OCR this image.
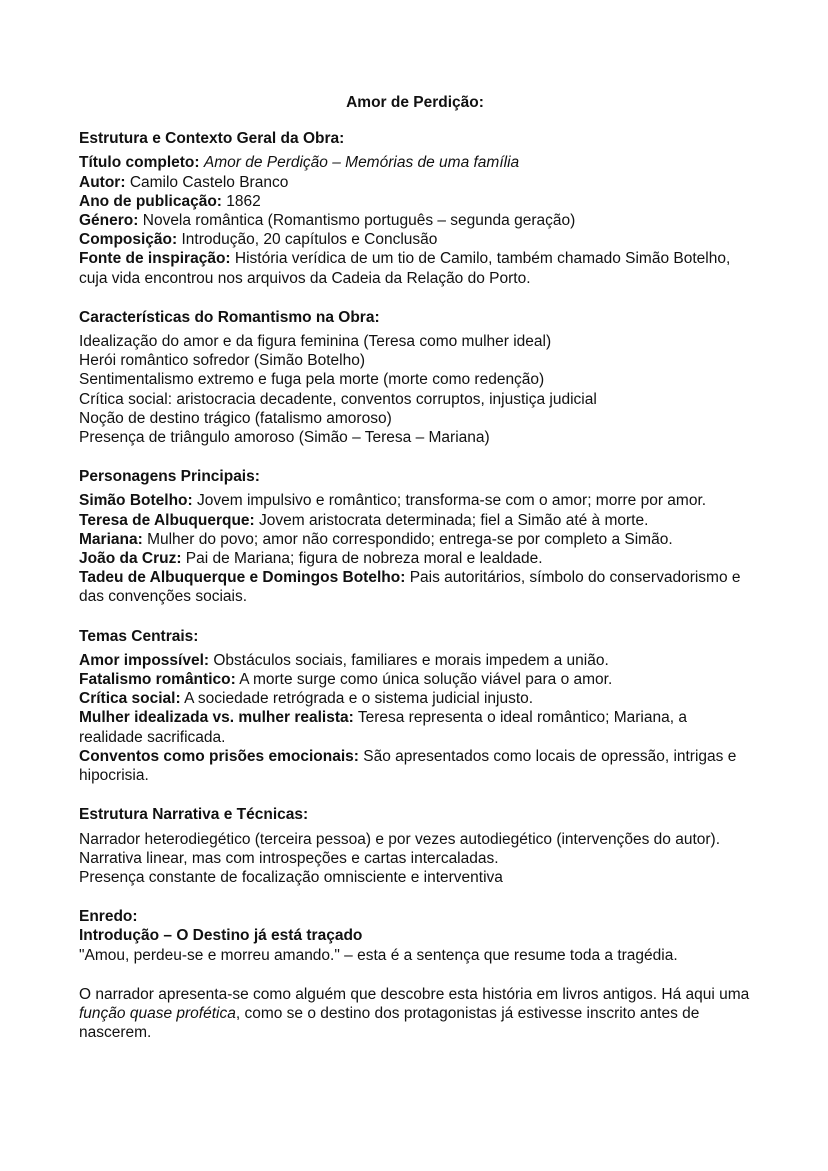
Amor de Perdição:

Estrutura e Contexto Geral da Obra:

Título completo: Amor de Perdição – Memórias de uma família

Autor: Camilo Castelo Branco

Ano de publicação: 1862

Género: Novela romântica (Romantismo português – segunda geração)

Composição: Introdução, 20 capítulos e Conclusão

Fonte de inspiração: História verídica de um tio de Camilo, também chamado Simão Botelho, cuja vida encontrou nos arquivos da Cadeia da Relação do Porto.

Características do Romantismo na Obra:

Idealização do amor e da figura feminina (Teresa como mulher ideal)

Herói romântico sofredor (Simão Botelho)

Sentimentalismo extremo e fuga pela morte (morte como redenção)

Crítica social: aristocracia decadente, conventos corruptos, injustiça judicial

Noção de destino trágico (fatalismo amoroso)

Presença de triângulo amoroso (Simão – Teresa – Mariana)

Personagens Principais:

Simão Botelho: Jovem impulsivo e romântico; transforma-se com o amor; morre por amor.

Teresa de Albuquerque: Jovem aristocrata determinada; fiel a Simão até à morte.

Mariana: Mulher do povo; amor não correspondido; entrega-se por completo a Simão.

João da Cruz: Pai de Mariana; figura de nobreza moral e lealdade.

Tadeu de Albuquerque e Domingos Botelho: Pais autoritários, símbolo do conservadorismo e das convenções sociais.

Temas Centrais:

Amor impossível: Obstáculos sociais, familiares e morais impedem a união.

Fatalismo romântico: A morte surge como única solução viável para o amor.

Crítica social: A sociedade retrógrada e o sistema judicial injusto.

Mulher idealizada vs. mulher realista: Teresa representa o ideal romântico; Mariana, a realidade sacrificada.

Conventos como prisões emocionais: São apresentados como locais de opressão, intrigas e hipocrisia.

Estrutura Narrativa e Técnicas:

Narrador heterodiegético (terceira pessoa) e por vezes autodiegético (intervenções do autor).

Narrativa linear, mas com introspeções e cartas intercaladas.

Presença constante de focalização omnisciente e interventiva

Enredo:

Introdução – O Destino já está traçado

"Amou, perdeu-se e morreu amando." – esta é a sentença que resume toda a tragédia.

O narrador apresenta-se como alguém que descobre esta história em livros antigos. Há aqui uma função quase profética, como se o destino dos protagonistas já estivesse inscrito antes de nascerem.
